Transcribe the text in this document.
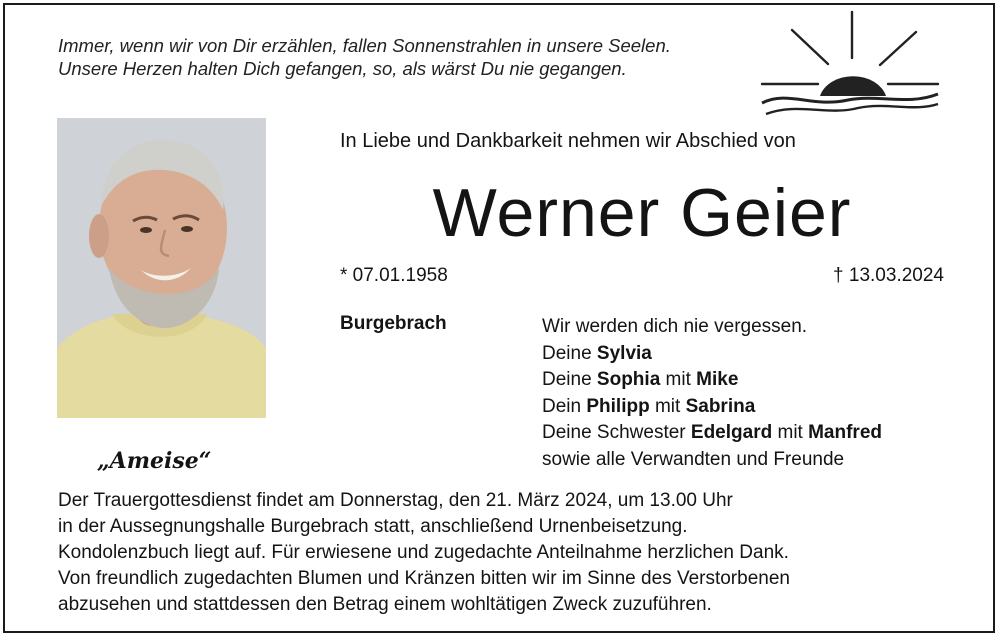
Immer, wenn wir von Dir erzählen, fallen Sonnenstrahlen in unsere Seelen.
Unsere Herzen halten Dich gefangen, so, als wärst Du nie gegangen.
„Ameise“
In Liebe und Dankbarkeit nehmen wir Abschied von
Werner Geier
* 07.01.1958	† 13.03.2024
Burgebrach	Wir werden dich nie vergessen.
Deine Sylvia
Deine Sophia mit Mike
Dein Philipp mit Sabrina
Deine Schwester Edelgard mit Manfred
sowie alle Verwandten und Freunde
Der Trauergottesdienst findet am Donnerstag, den 21. März 2024, um 13.00 Uhr
in der Aussegnungshalle Burgebrach statt, anschließend Urnenbeisetzung.
Kondolenzbuch liegt auf. Für erwiesene und zugedachte Anteilnahme herzlichen Dank.
Von freundlich zugedachten Blumen und Kränzen bitten wir im Sinne des Verstorbenen
abzusehen und stattdessen den Betrag einem wohltätigen Zweck zuzuführen.
